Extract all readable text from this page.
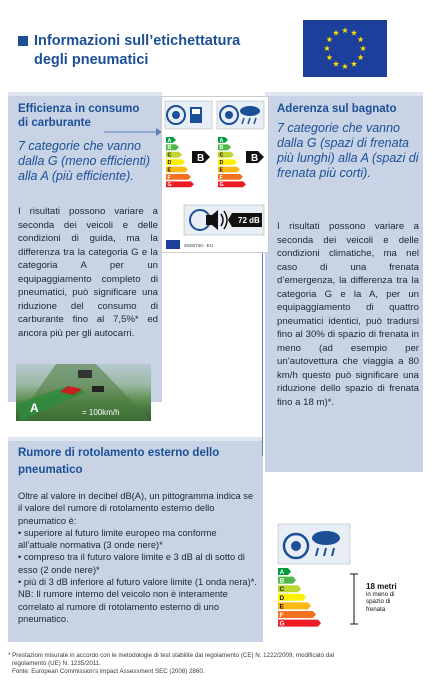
Informazioni sull’etichettatura
degli pneumatici
Efficienza in consumo di carburante
7 categorie che vanno dalla G (meno efficienti) alla A (più efficiente).
I risultati possono variare a seconda dei veicoli e delle condizioni di guida, ma la differenza tra la categoria G e la categoria A per un equipaggiamento completo di pneumatici, può significare una riduzione del consumo di carburante fino al 7,5%* ed ancora più per gli autocarri.
Aderenza sul bagnato
7 categorie che vanno dalla G (spazi di frenata più lunghi) alla A (spazi di frenata più corti).
I risultati possono variare a seconda dei veicoli e delle condizioni climatiche, ma nel caso di una frenata d’emergenza, la differenza tra la categoria G e la A, per un equipaggiamento di quattro pneumatici identici, può tradursi fino al 30% di spazio di frenata in meno (ad esempio per un’autovettura che viaggia a 80 km/h questo può significare una riduzione dello spazio di frenata fino a 18 m)*.
Rumore di rotolamento esterno dello pneumatico
Oltre al valore in decibel dB(A), un pittogramma indica se il valore del rumore di rotolamento esterno dello pneumatico è:
• superiore al futuro limite europeo ma conforme all’attuale normativa (3 onde nere)*
• compreso tra il futuro valore limite e 3 dB al di sotto di esso (2 onde nere)*
• più di 3 dB inferiore al futuro valore limite (1 onda nera)*.
NB: Il rumore interno del veicolo non è interamente correlato al rumore di rotolamento esterno di uno pneumatico.
A
B
C
D
E
F
G
A
B
C
D
E
F
G
B	B
72 dB
2020/740 - EU
A	= 100km/h
A
B
C
D
E
F
G
18 metri
in meno di
spazio di
frenata
* Prestazioni misurate in accordo con le metodologie di test stabilite dal regolamento (CE) N. 1222/2009, modificato dal
regolamento (UE) N. 1235/2011.
Fonte: European Commission’s impact Assessment SEC (2008) 2860.
